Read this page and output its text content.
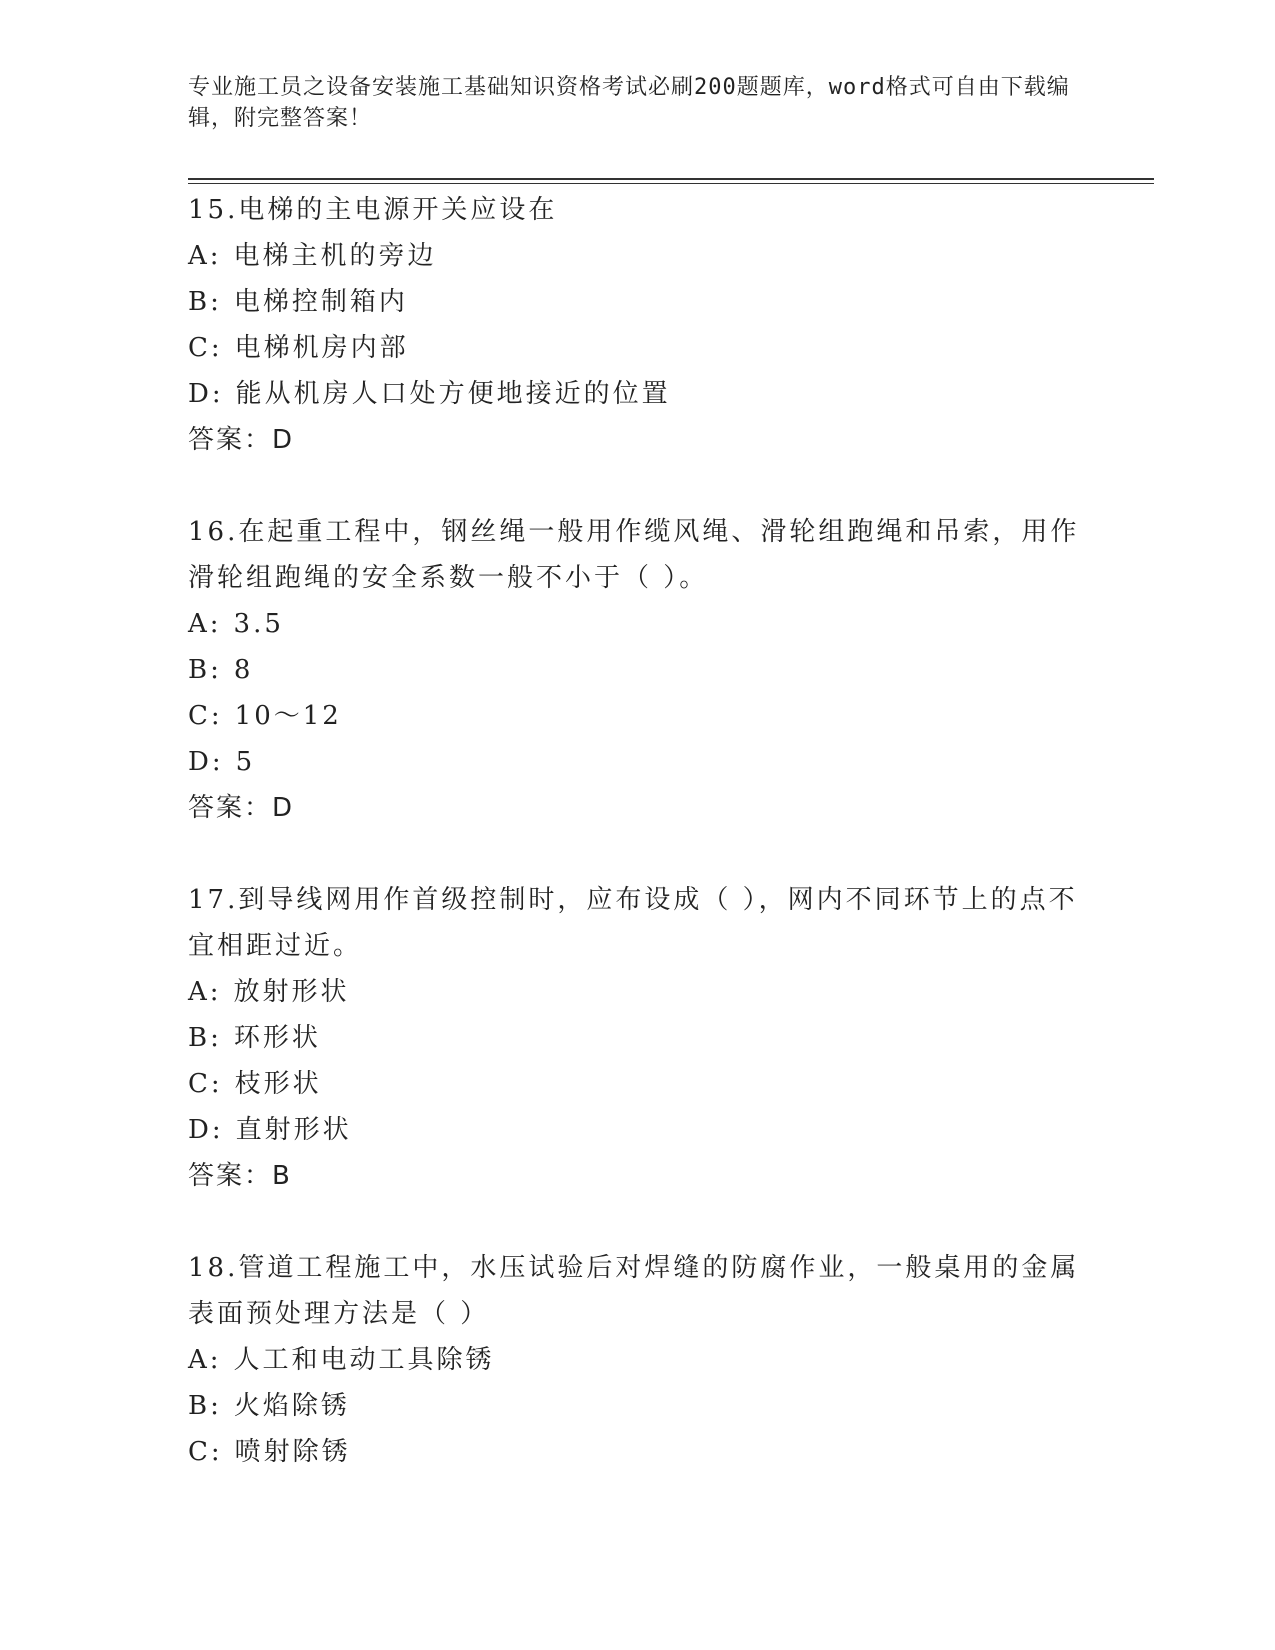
专业施工员之设备安装施工基础知识资格考试必刷200题题库，word格式可自由下载编辑，附完整答案！
15.电梯的主电源开关应设在
A: 电梯主机的旁边
B: 电梯控制箱内
C: 电梯机房内部
D: 能从机房人口处方便地接近的位置
答案：D
16.在起重工程中，钢丝绳一般用作缆风绳、滑轮组跑绳和吊索，用作滑轮组跑绳的安全系数一般不小于（ ）。
A: 3.5
B: 8
C: 10～12
D: 5
答案：D
17.到导线网用作首级控制时，应布设成（ ），网内不同环节上的点不宜相距过近。
A: 放射形状
B: 环形状
C: 枝形状
D: 直射形状
答案：B
18.管道工程施工中，水压试验后对焊缝的防腐作业，一般桌用的金属表面预处理方法是（ ）
A: 人工和电动工具除锈
B: 火焰除锈
C: 喷射除锈
